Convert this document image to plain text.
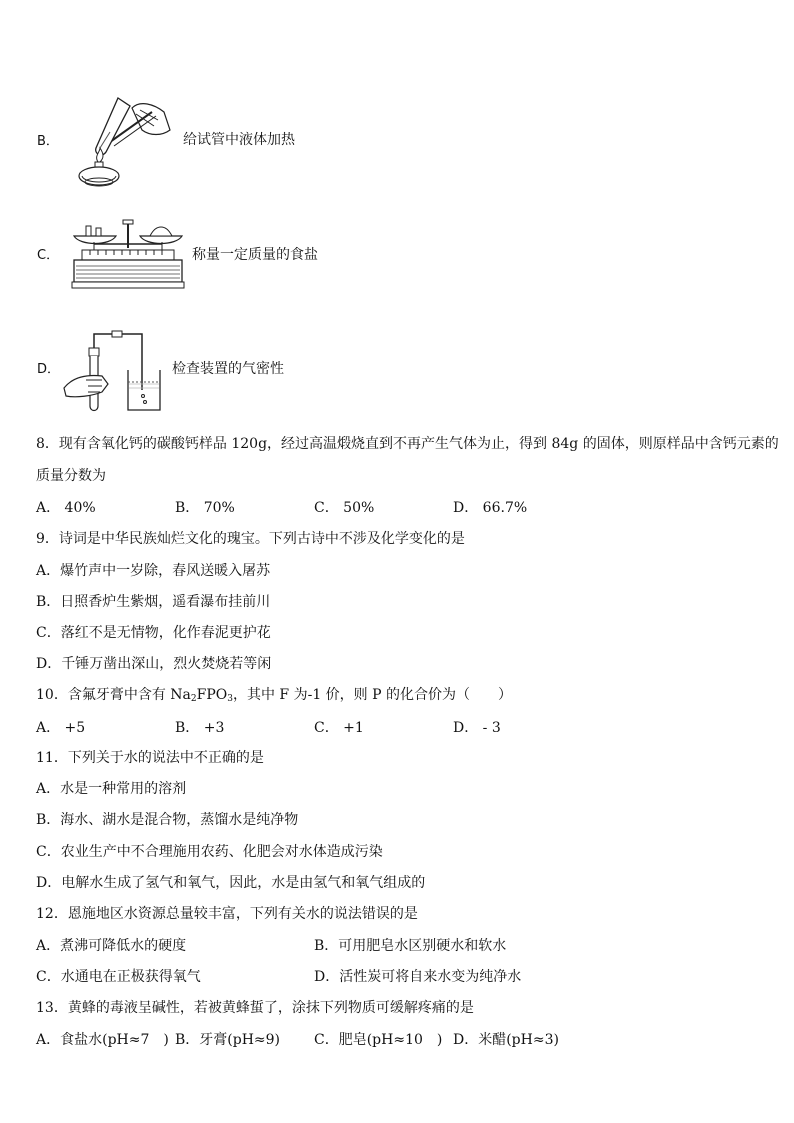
B．	给试管中液体加热
C．	称量一定质量的食盐
D．	检查装置的气密性
8．现有含氧化钙的碳酸钙样品 120g，经过高温煅烧直到不再产生气体为止，得到 84g 的固体，则原样品中含钙元素的
质量分数为
A． 40%	B． 70%	C． 50%	D． 66.7%
9．诗词是中华民族灿烂文化的瑰宝。下列古诗中不涉及化学变化的是
A．爆竹声中一岁除，春风送暖入屠苏
B．日照香炉生紫烟，遥看瀑布挂前川
C．落红不是无情物，化作春泥更护花
D．千锤万凿出深山，烈火焚烧若等闲
10．含氟牙膏中含有 $Na_2FPO_3$，其中 F 为-1 价，则 P 的化合价为（　　）
A． +5	B． +3	C． +1	D． - 3
11．下列关于水的说法中不正确的是
A．水是一种常用的溶剂
B．海水、湖水是混合物，蒸馏水是纯净物
C．农业生产中不合理施用农药、化肥会对水体造成污染
D．电解水生成了氢气和氧气，因此，水是由氢气和氧气组成的
12．恩施地区水资源总量较丰富，下列有关水的说法错误的是
A．煮沸可降低水的硬度	B．可用肥皂水区别硬水和软水
C．水通电在正极获得氧气	D．活性炭可将自来水变为纯净水
13．黄蜂的毒液呈碱性，若被黄蜂蜇了，涂抹下列物质可缓解疼痛的是
A．食盐水(pH≈7　) B．牙膏(pH≈9) C．肥皂(pH≈10　) D．米醋(pH≈3)
